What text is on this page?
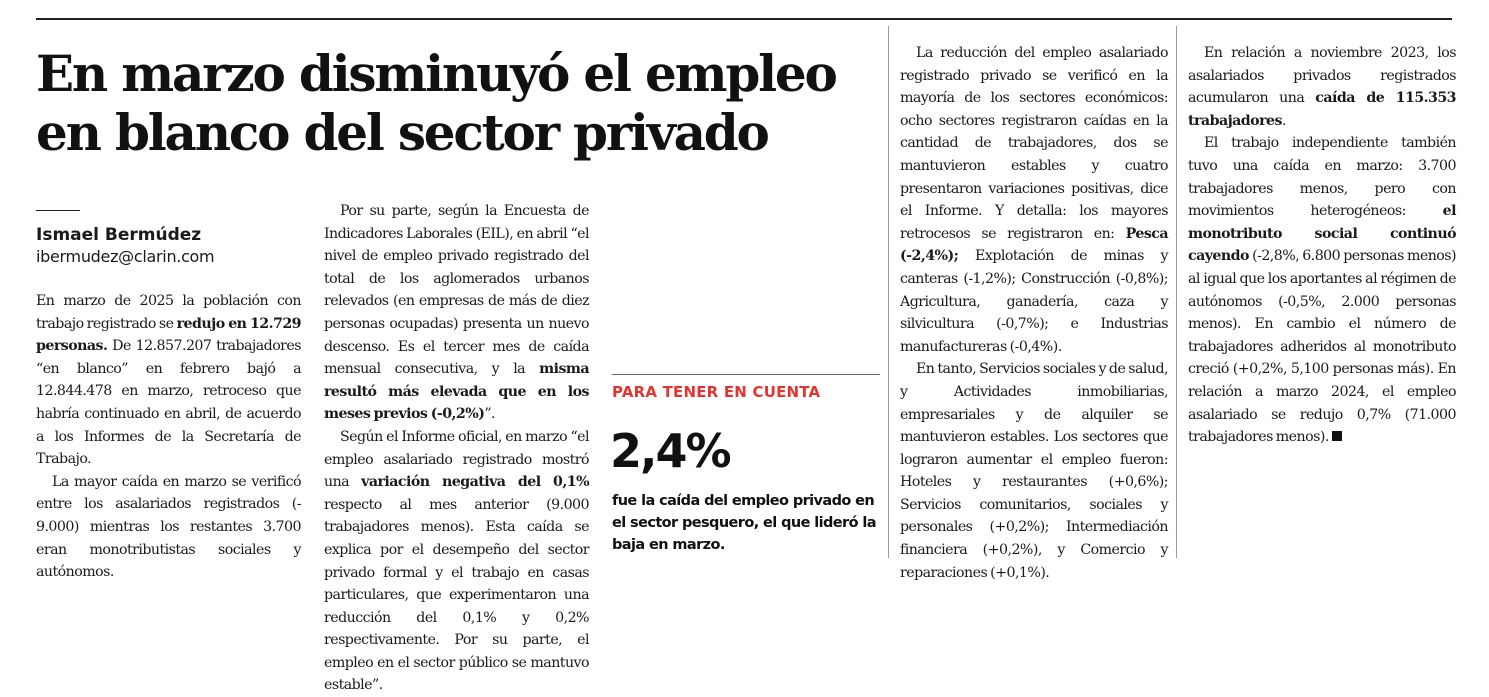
En marzo disminuyó el empleo en blanco del sector privado

Ismael Bermúdez

ibermudez@clarin.com

En marzo de 2025 la población con trabajo registrado se redujo en 12.729 personas. De 12.857.207 trabajadores “en blanco” en febrero bajó a 12.844.478 en marzo, retroceso que habría continuado en abril, de acuerdo a los Informes de la Secretaría de Trabajo.

La mayor caída en marzo se verificó entre los asalariados registrados (- 9.000) mientras los restantes 3.700 eran monotributistas sociales y autónomos.

Por su parte, según la Encuesta de Indicadores Laborales (EIL), en abril “el nivel de empleo privado registrado del total de los aglomerados urbanos relevados (en empresas de más de diez personas ocupadas) presenta un nuevo descenso. Es el tercer mes de caída mensual consecutiva, y la misma resultó más elevada que en los meses previos (-0,2%)”.

Según el Informe oficial, en marzo “el empleo asalariado registrado mostró una variación negativa del 0,1% respecto al mes anterior (9.000 trabajadores menos). Esta caída se explica por el desempeño del sector privado formal y el trabajo en casas particulares, que experimentaron una reducción del 0,1% y 0,2% respectivamente. Por su parte, el empleo en el sector público se mantuvo estable”.

PARA TENER EN CUENTA

2,4%

fue la caída del empleo privado en el sector pesquero, el que lideró la baja en marzo.

La reducción del empleo asalariado registrado privado se verificó en la mayoría de los sectores económicos: ocho sectores registraron caídas en la cantidad de trabajadores, dos se mantuvieron estables y cuatro presentaron variaciones positivas, dice el Informe. Y detalla: los mayores retrocesos se registraron en: Pesca (-2,4%); Explotación de minas y canteras (-1,2%); Construcción (-0,8%); Agricultura, ganadería, caza y silvicultura (-0,7%); e Industrias manufactureras (-0,4%).

En tanto, Servicios sociales y de salud, y Actividades inmobiliarias, empresariales y de alquiler se mantuvieron estables. Los sectores que lograron aumentar el empleo fueron: Hoteles y restaurantes (+0,6%); Servicios comunitarios, sociales y personales (+0,2%); Intermediación financiera (+0,2%), y Comercio y reparaciones (+0,1%).

En relación a noviembre 2023, los asalariados privados registrados acumularon una caída de 115.353 trabajadores.

El trabajo independiente también tuvo una caída en marzo: 3.700 trabajadores menos, pero con movimientos heterogéneos: el monotributo social continuó cayendo (-2,8%, 6.800 personas menos) al igual que los aportantes al régimen de autónomos (-0,5%, 2.000 personas menos). En cambio el número de trabajadores adheridos al monotributo creció (+0,2%, 5,100 personas más). En relación a marzo 2024, el empleo asalariado se redujo 0,7% (71.000 trabajadores menos).
